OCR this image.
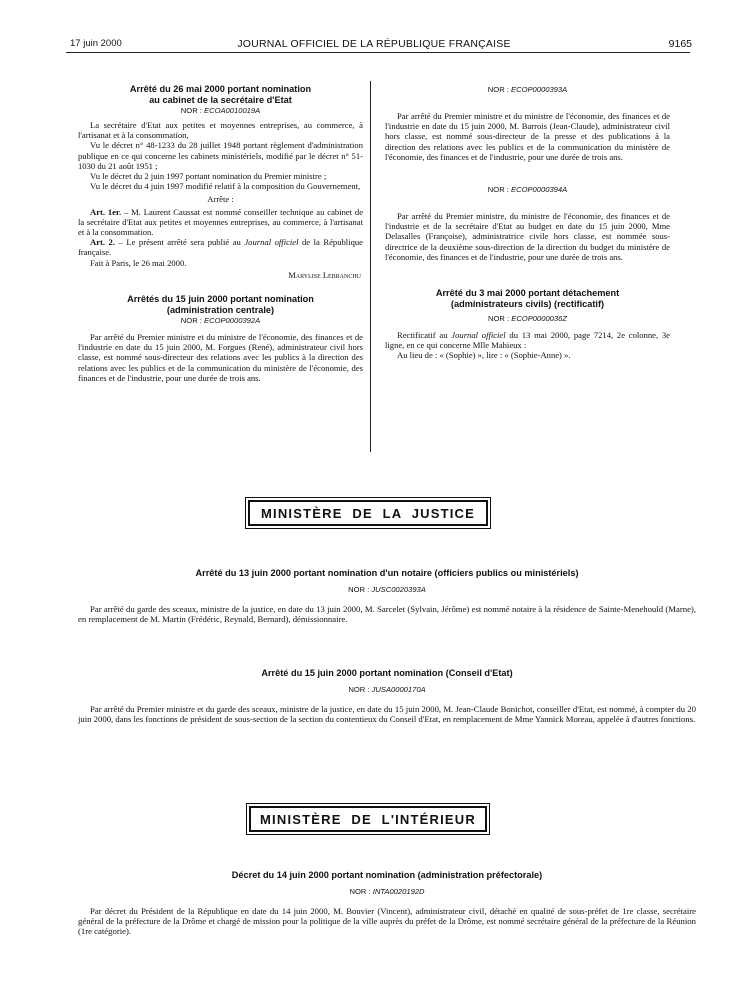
17 juin 2000	JOURNAL OFFICIEL DE LA RÉPUBLIQUE FRANÇAISE	9165
Arrêté du 26 mai 2000 portant nomination
au cabinet de la secrétaire d'Etat
NOR : ECOA0010019A

La secrétaire d'Etat aux petites et moyennes entreprises, au commerce, à l'artisanat et à la consommation,

Vu le décret n° 48-1233 du 28 juillet 1948 portant règlement d'administration publique en ce qui concerne les cabinets ministériels, modifié par le décret n° 51-1030 du 21 août 1951 ;

Vu le décret du 2 juin 1997 portant nomination du Premier ministre ;

Vu le décret du 4 juin 1997 modifié relatif à la composition du Gouvernement,

Arrête :

Art. 1er. – M. Laurent Caussat est nommé conseiller technique au cabinet de la secrétaire d'Etat aux petites et moyennes entreprises, au commerce, à l'artisanat et à la consommation.

Art. 2. – Le présent arrêté sera publié au Journal officiel de la République française.

Fait à Paris, le 26 mai 2000.

Marylise Lebranchu

Arrêtés du 15 juin 2000 portant nomination
(administration centrale)
NOR : ECOP0000392A

Par arrêté du Premier ministre et du ministre de l'économie, des finances et de l'industrie en date du 15 juin 2000, M. Forgues (René), administrateur civil hors classe, est nommé sous-directeur des relations avec les publics à la direction des relations avec les publics et de la communication du ministère de l'économie, des finances et de l'industrie, pour une durée de trois ans.

NOR : ECOP0000393A

Par arrêté du Premier ministre et du ministre de l'économie, des finances et de l'industrie en date du 15 juin 2000, M. Barrois (Jean-Claude), administrateur civil hors classe, est nommé sous-directeur de la presse et des publications à la direction des relations avec les publics et de la communication du ministère de l'économie, des finances et de l'industrie, pour une durée de trois ans.

NOR : ECOP0000394A

Par arrêté du Premier ministre, du ministre de l'économie, des finances et de l'industrie et de la secrétaire d'Etat au budget en date du 15 juin 2000, Mme Delasalles (Françoise), administratrice civile hors classe, est nommée sous-directrice de la deuxième sous-direction de la direction du budget du ministère de l'économie, des finances et de l'industrie, pour une durée de trois ans.

Arrêté du 3 mai 2000 portant détachement
(administrateurs civils) (rectificatif)
NOR : ECOP0000036Z

Rectificatif au Journal officiel du 13 mai 2000, page 7214, 2e colonne, 3e ligne, en ce qui concerne Mlle Mahieux :

Au lieu de : « (Sophie) », lire : « (Sophie-Anne) ».

MINISTÈRE DE LA JUSTICE
Arrêté du 13 juin 2000 portant nomination d'un notaire (officiers publics ou ministériels)
NOR : JUSC0020393A

Par arrêté du garde des sceaux, ministre de la justice, en date du 13 juin 2000, M. Sarcelet (Sylvain, Jérôme) est nommé notaire à la résidence de Sainte-Menehould (Marne), en remplacement de M. Martin (Frédéric, Reynald, Bernard), démissionnaire.

Arrêté du 15 juin 2000 portant nomination (Conseil d'Etat)
NOR : JUSA0000170A

Par arrêté du Premier ministre et du garde des sceaux, ministre de la justice, en date du 15 juin 2000, M. Jean-Claude Bonichot, conseiller d'Etat, est nommé, à compter du 20 juin 2000, dans les fonctions de président de sous-section de la section du contentieux du Conseil d'Etat, en remplacement de Mme Yannick Moreau, appelée à d'autres fonctions.

MINISTÈRE DE L'INTÉRIEUR
Décret du 14 juin 2000 portant nomination (administration préfectorale)
NOR : INTA0020192D

Par décret du Président de la République en date du 14 juin 2000, M. Bouvier (Vincent), administrateur civil, détaché en qualité de sous-préfet de 1re classe, secrétaire général de la préfecture de la Drôme et chargé de mission pour la politique de la ville auprès du préfet de la Drôme, est nommé secrétaire général de la préfecture de la Réunion (1re catégorie).
